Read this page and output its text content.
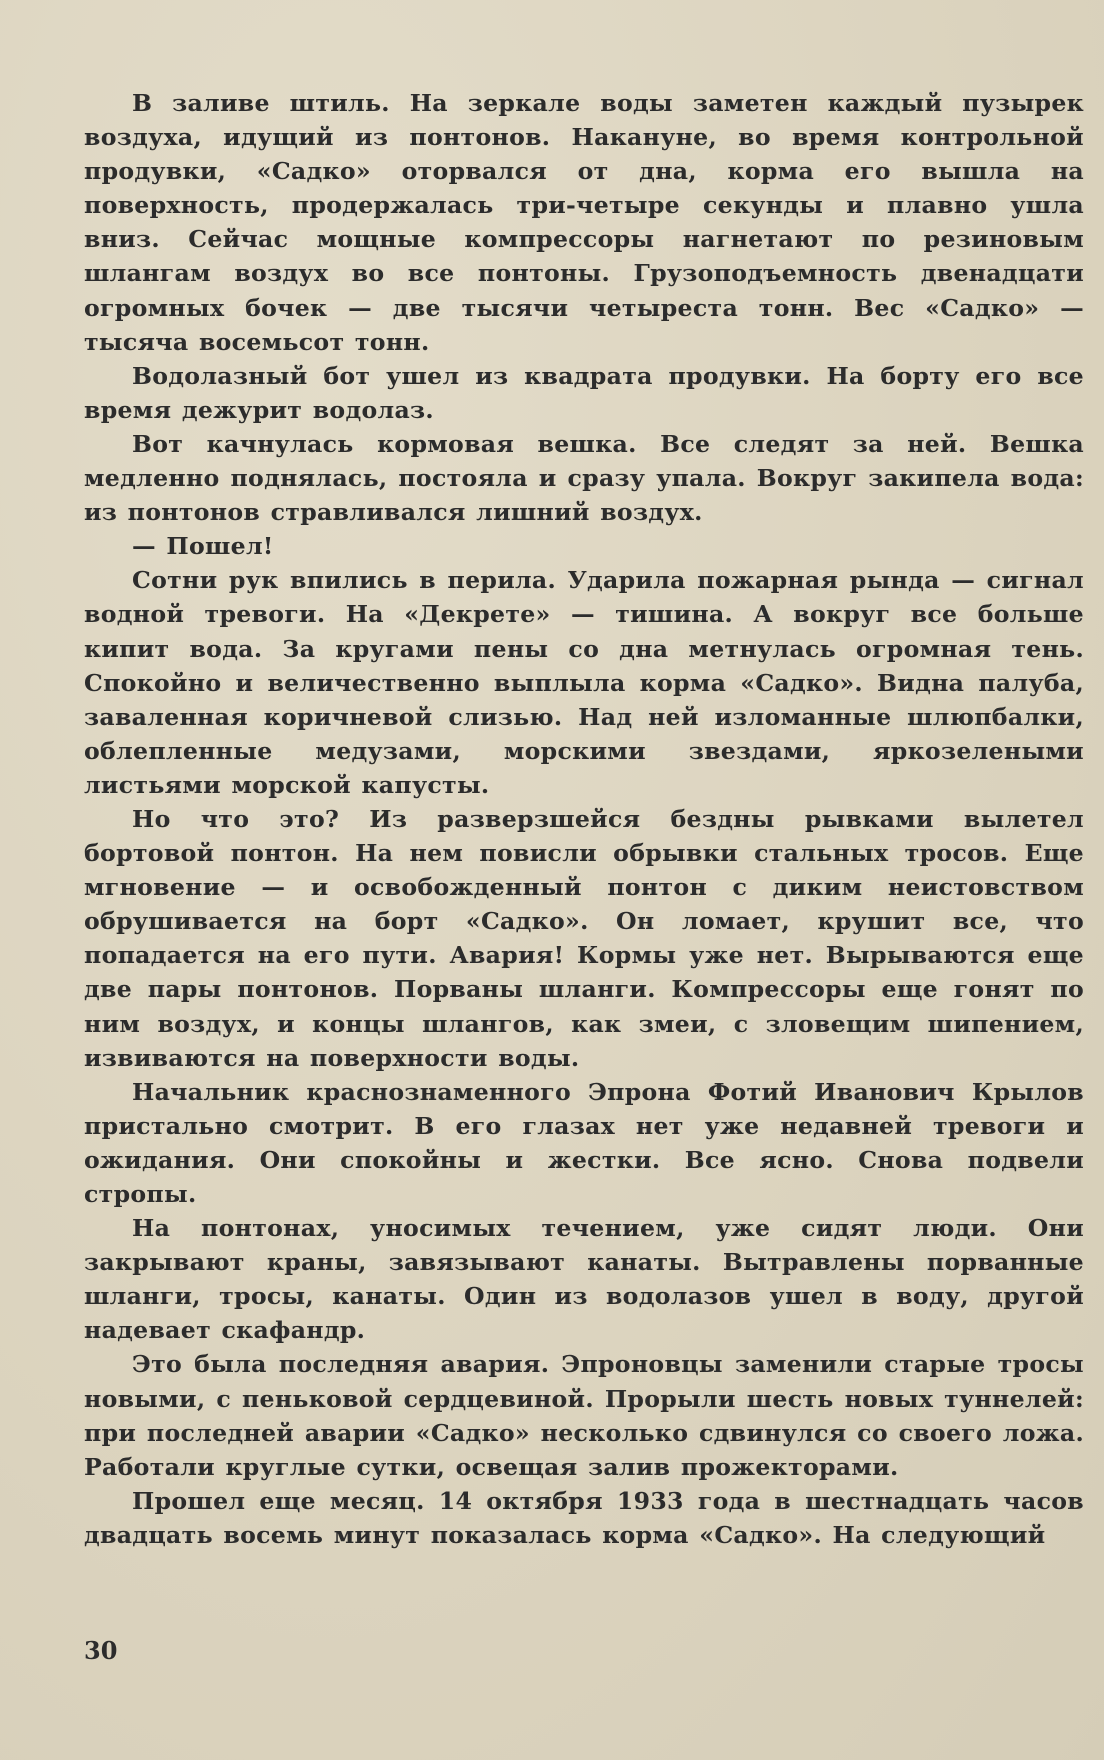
В заливе штиль. На зеркале воды заметен каждый пузырек воздуха, идущий из понтонов. Накануне, во время контрольной продувки, «Садко» оторвался от дна, корма его вышла на поверхность, продержалась три-четыре секунды и плавно ушла вниз. Сейчас мощные компрессоры нагнетают по резиновым шлангам воздух во все понтоны. Грузоподъемность двенадцати огромных бочек — две тысячи четыреста тонн. Вес «Садко» — тысяча восемьсот тонн.

Водолазный бот ушел из квадрата продувки. На борту его все время дежурит водолаз.

Вот качнулась кормовая вешка. Все следят за ней. Вешка медленно поднялась, постояла и сразу упала. Вокруг закипела вода: из понтонов стравливался лишний воздух.

— Пошел!

Сотни рук впились в перила. Ударила пожарная рында — сигнал водной тревоги. На «Декрете» — тишина. А вокруг все больше кипит вода. За кругами пены со дна метнулась огромная тень. Спокойно и величественно выплыла корма «Садко». Видна палуба, заваленная коричневой слизью. Над ней изломанные шлюпбалки, облепленные медузами, морскими звездами, яркозелеными листьями морской капусты.

Но что это? Из разверзшейся бездны рывками вылетел бортовой понтон. На нем повисли обрывки стальных тросов. Еще мгновение — и освобожденный понтон с диким неистовством обрушивается на борт «Садко». Он ломает, крушит все, что попадается на его пути. Авария! Кормы уже нет. Вырываются еще две пары понтонов. Порваны шланги. Компрессоры еще гонят по ним воздух, и концы шлангов, как змеи, с зловещим шипением, извиваются на поверхности воды.

Начальник краснознаменного Эпрона Фотий Иванович Крылов пристально смотрит. В его глазах нет уже недавней тревоги и ожидания. Они спокойны и жестки. Все ясно. Снова подвели стропы.

На понтонах, уносимых течением, уже сидят люди. Они закрывают краны, завязывают канаты. Вытравлены порванные шланги, тросы, канаты. Один из водолазов ушел в воду, другой надевает скафандр.

Это была последняя авария. Эпроновцы заменили старые тросы новыми, с пеньковой сердцевиной. Прорыли шесть новых туннелей: при последней аварии «Садко» несколько сдвинулся со своего ложа. Работали круглые сутки, освещая залив прожекторами.

Прошел еще месяц. 14 октября 1933 года в шестнадцать часов двадцать восемь минут показалась корма «Садко». На следующий

30
